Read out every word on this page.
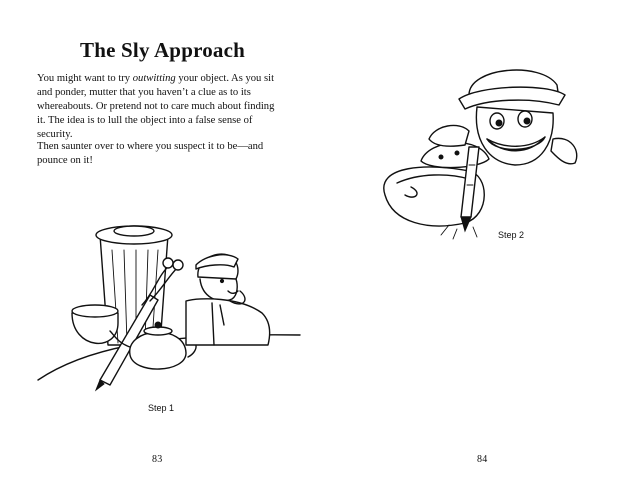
The Sly Approach

You might want to try outwitting your object. As you sit and ponder, mutter that you haven’t a clue as to its whereabouts. Or pretend not to care much about finding it. The idea is to lull the object into a false sense of security.

Then saunter over to where you suspect it to be—and pounce on it!

Step 1
83
Step 2
84
